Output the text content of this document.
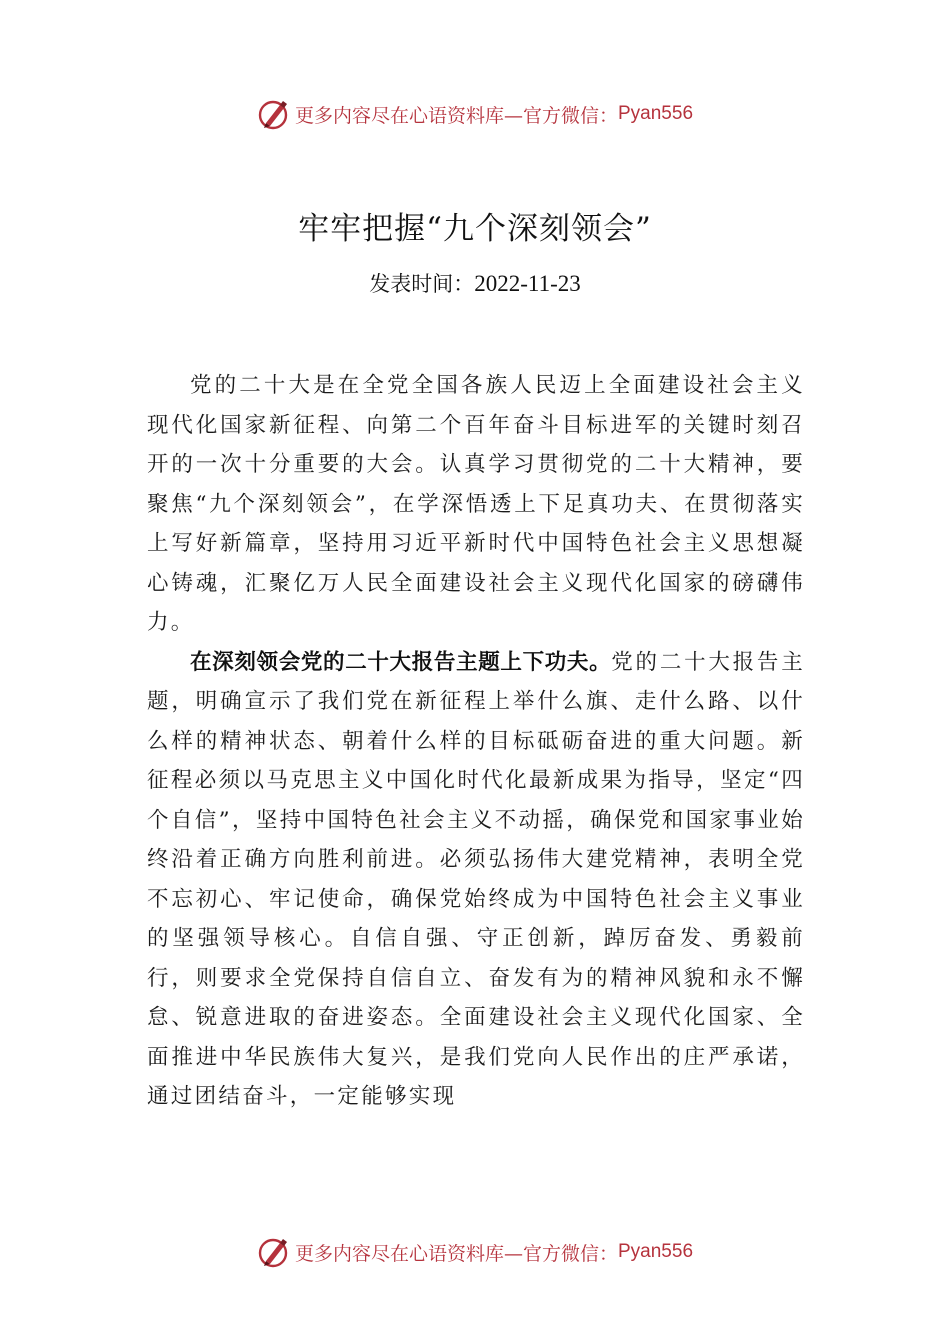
更多内容尽在心语资料库—官方微信： Pyan556
牢牢把握“九个深刻领会”
发表时间：2022-11-23

党的二十大是在全党全国各族人民迈上全面建设社会主义现代化国家新征程、向第二个百年奋斗目标进军的关键时刻召开的一次十分重要的大会。认真学习贯彻党的二十大精神，要聚焦“九个深刻领会”，在学深悟透上下足真功夫、在贯彻落实上写好新篇章，坚持用习近平新时代中国特色社会主义思想凝心铸魂，汇聚亿万人民全面建设社会主义现代化国家的磅礴伟力。

在深刻领会党的二十大报告主题上下功夫。党的二十大报告主题，明确宣示了我们党在新征程上举什么旗、走什么路、以什么样的精神状态、朝着什么样的目标砥砺奋进的重大问题。新征程必须以马克思主义中国化时代化最新成果为指导，坚定“四个自信”，坚持中国特色社会主义不动摇，确保党和国家事业始终沿着正确方向胜利前进。必须弘扬伟大建党精神，表明全党不忘初心、牢记使命，确保党始终成为中国特色社会主义事业的坚强领导核心。自信自强、守正创新，踔厉奋发、勇毅前行，则要求全党保持自信自立、奋发有为的精神风貌和永不懈怠、锐意进取的奋进姿态。全面建设社会主义现代化国家、全面推进中华民族伟大复兴，是我们党向人民作出的庄严承诺，通过团结奋斗，一定能够实现

更多内容尽在心语资料库—官方微信： Pyan556
